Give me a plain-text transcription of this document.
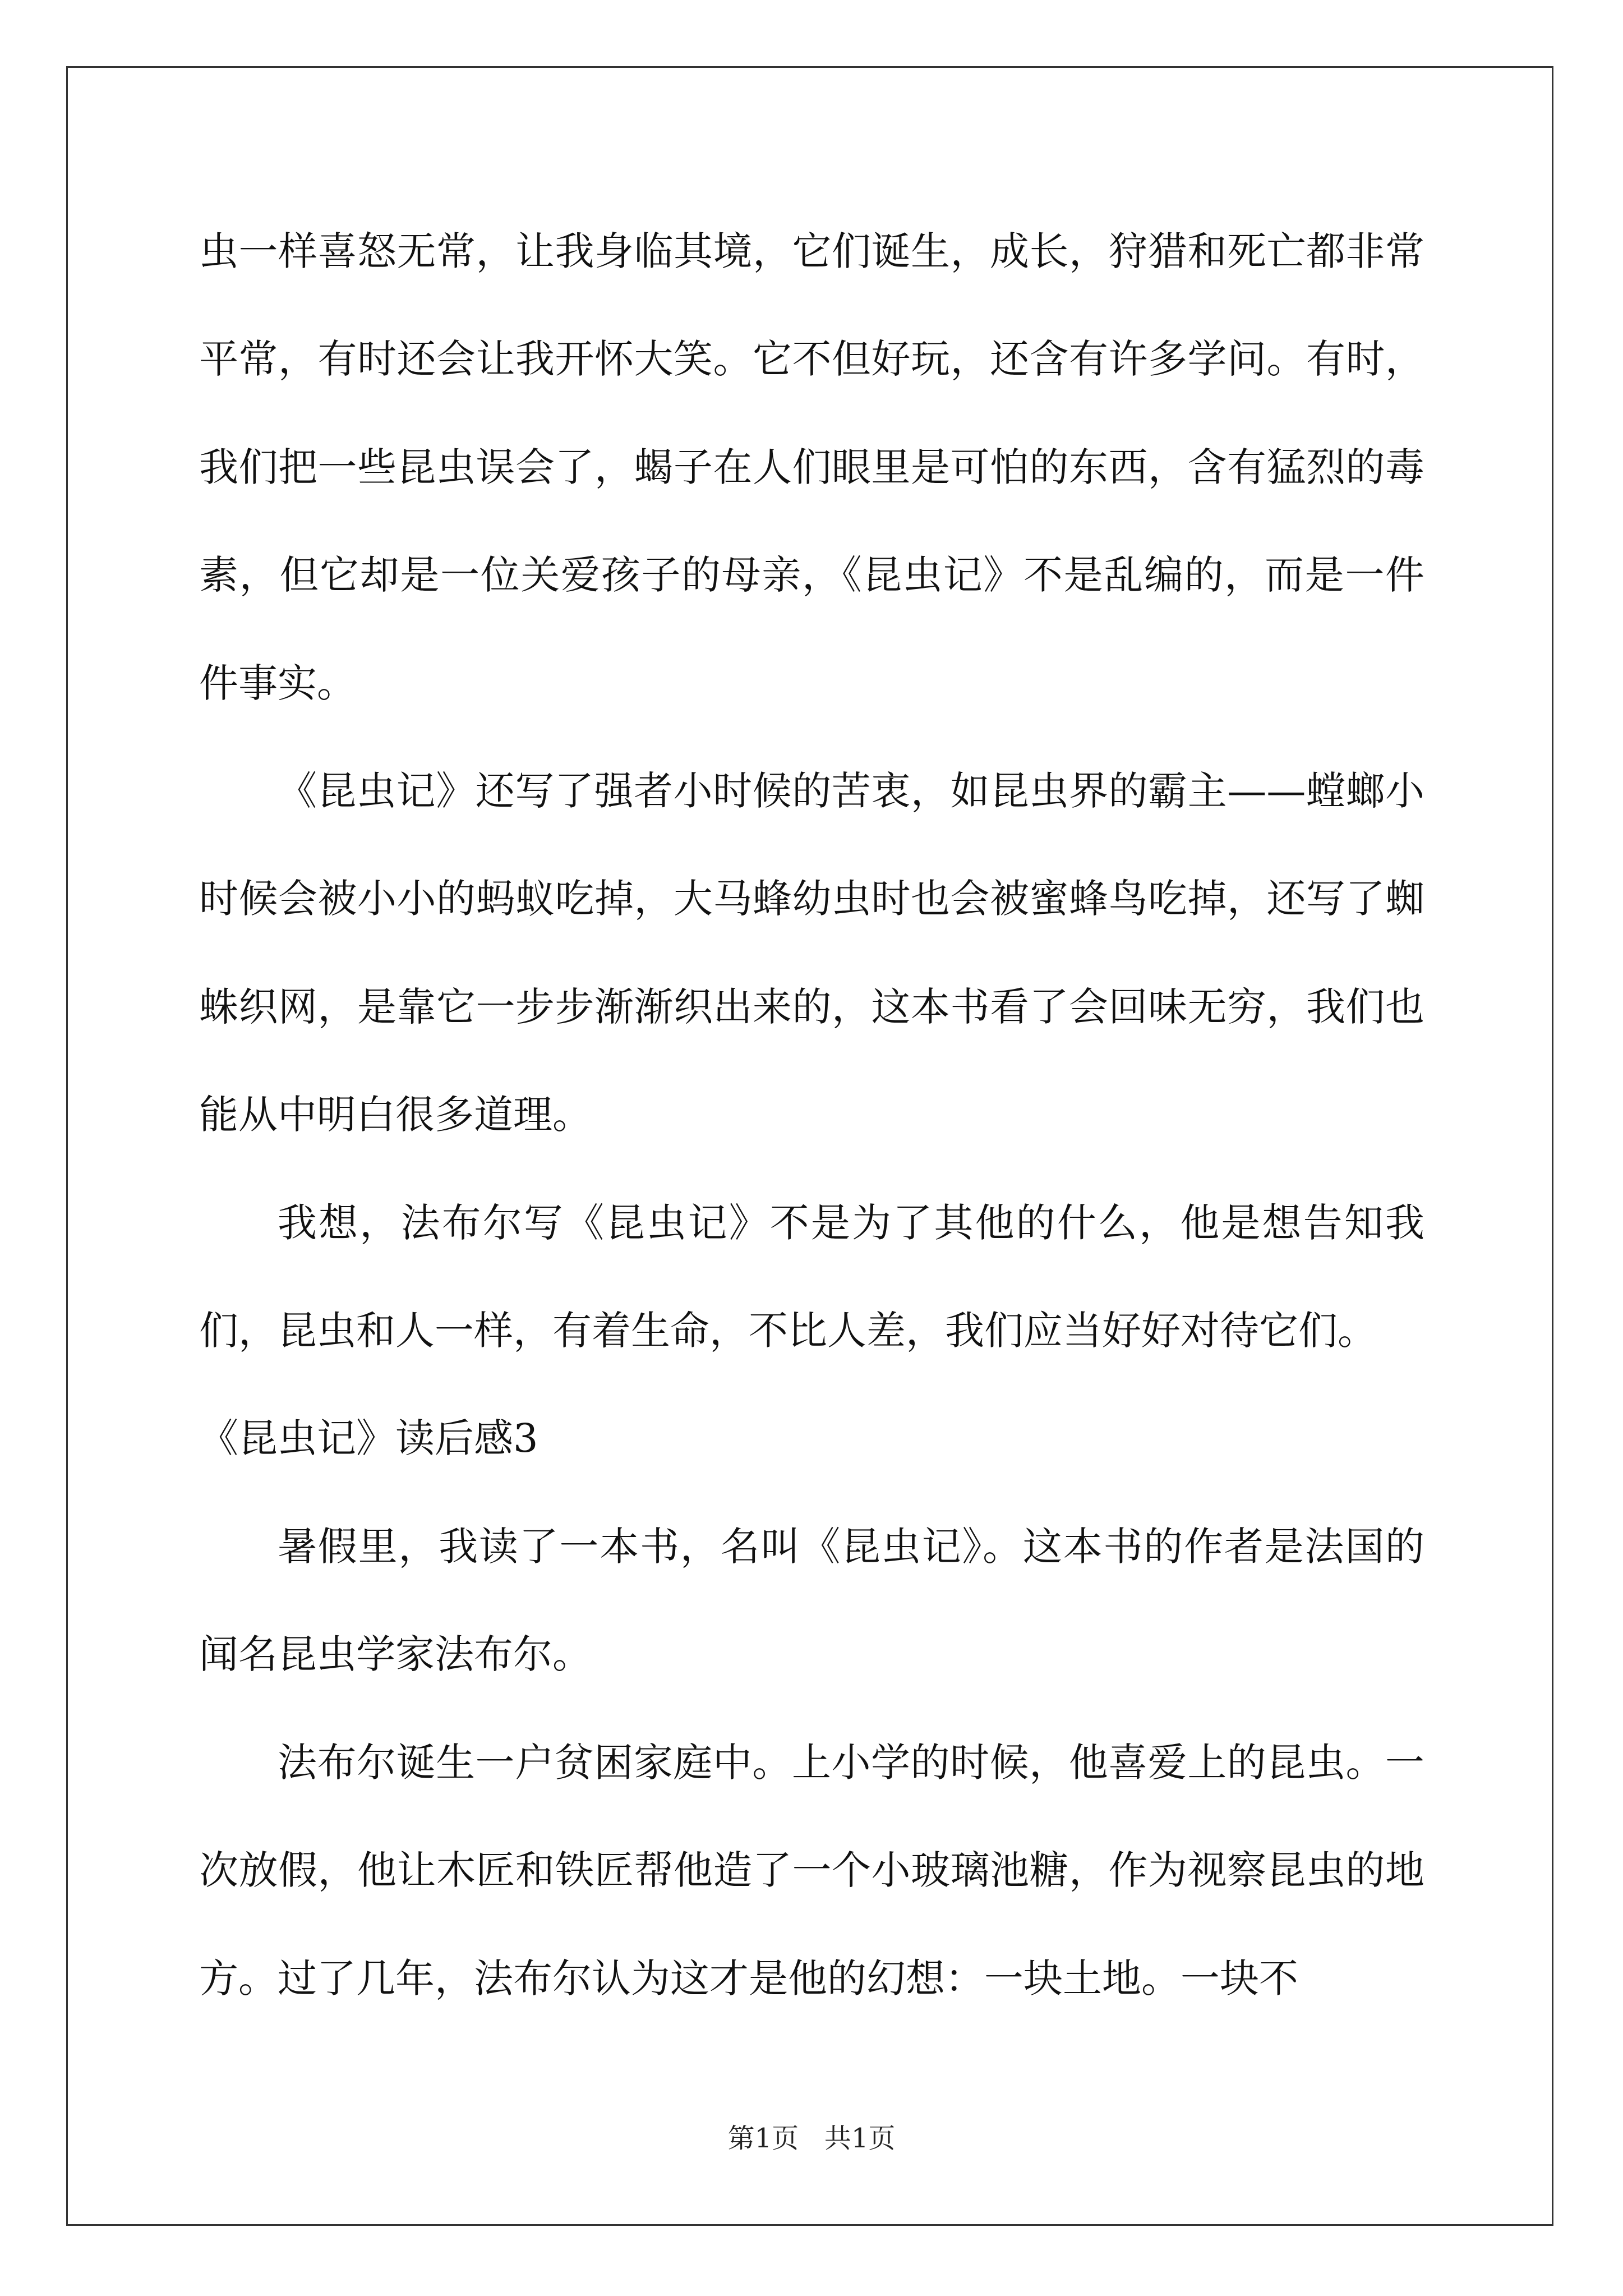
虫一样喜怒无常，让我身临其境，它们诞生，成长，狩猎和死亡都非常平常，有时还会让我开怀大笑。它不但好玩，还含有许多学问。有时，我们把一些昆虫误会了，蝎子在人们眼里是可怕的东西，含有猛烈的毒素，但它却是一位关爱孩子的母亲，《昆虫记》不是乱编的，而是一件件事实。

《昆虫记》还写了强者小时候的苦衷，如昆虫界的霸主——螳螂小时候会被小小的蚂蚁吃掉，大马蜂幼虫时也会被蜜蜂鸟吃掉，还写了蜘蛛织网，是靠它一步步渐渐织出来的，这本书看了会回味无穷，我们也能从中明白很多道理。

我想，法布尔写《昆虫记》不是为了其他的什么，他是想告知我们，昆虫和人一样，有着生命，不比人差，我们应当好好对待它们。

《昆虫记》读后感3

暑假里，我读了一本书，名叫《昆虫记》。这本书的作者是法国的闻名昆虫学家法布尔。

法布尔诞生一户贫困家庭中。上小学的时候，他喜爱上的昆虫。一次放假，他让木匠和铁匠帮他造了一个小玻璃池糖，作为视察昆虫的地方。过了几年，法布尔认为这才是他的幻想：一块土地。一块不

第1页   共1页
